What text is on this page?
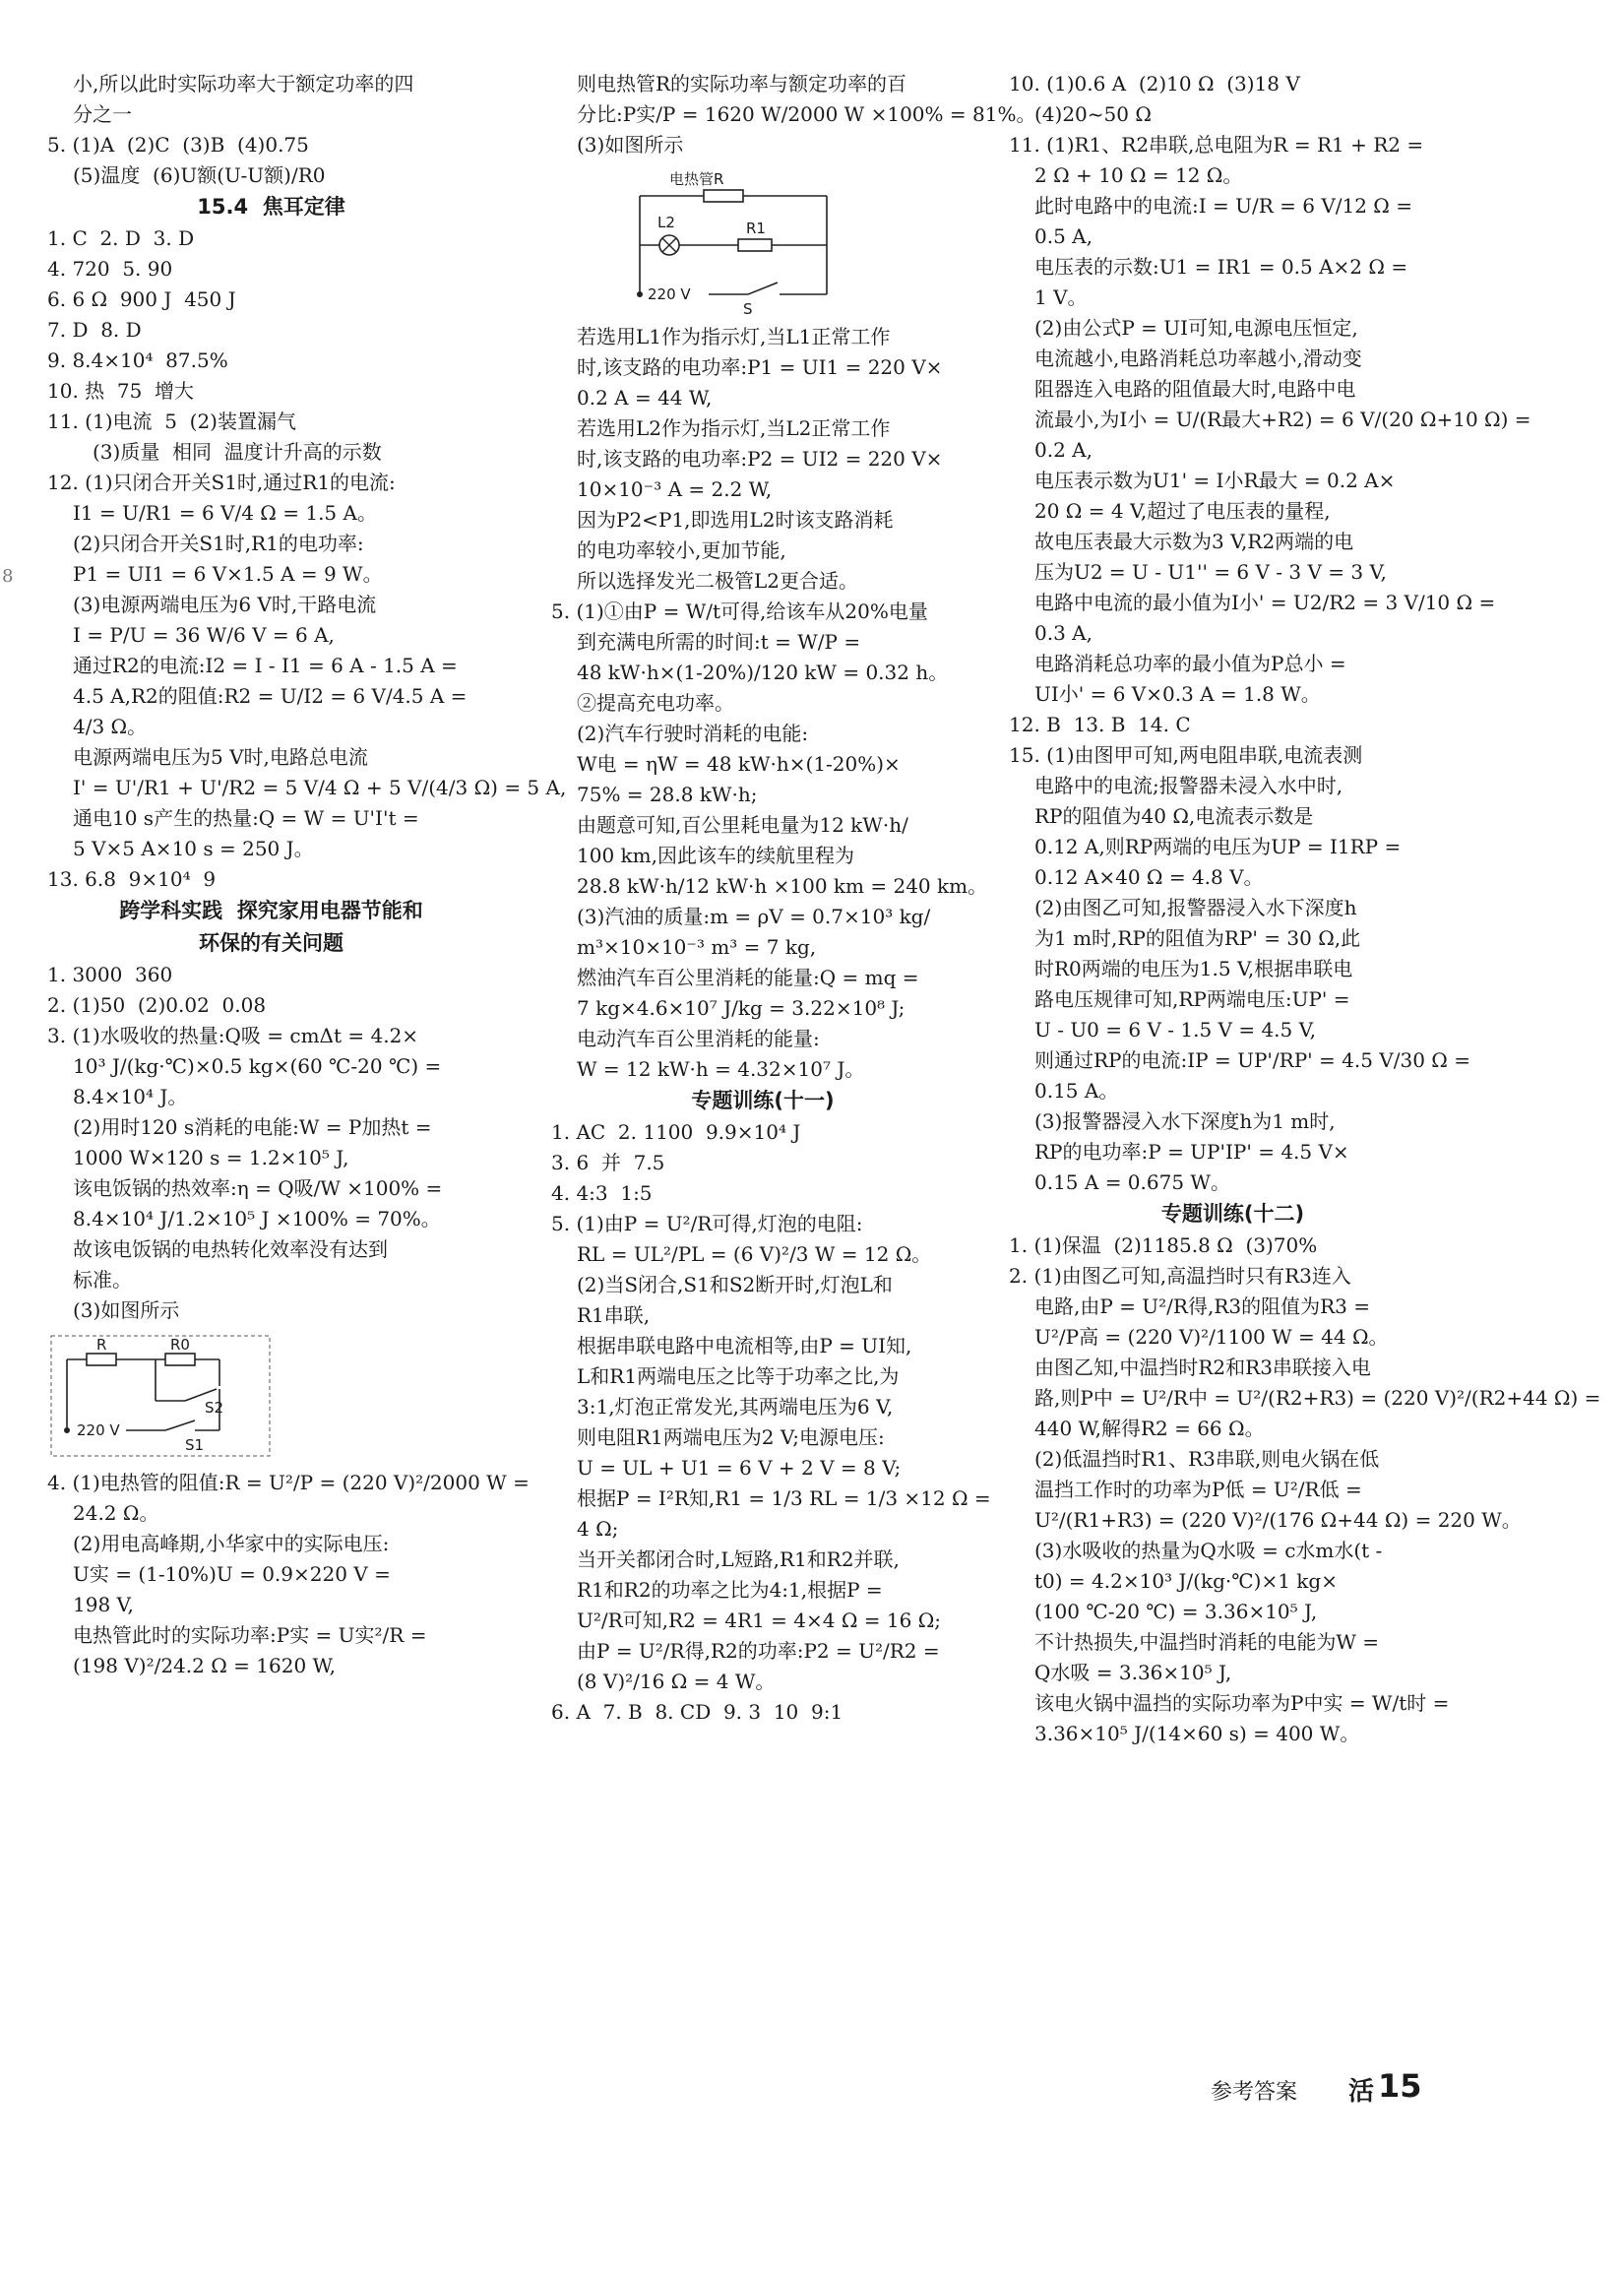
小,所以此时实际功率大于额定功率的四
分之一
5. (1)A  (2)C  (3)B  (4)0.75
(5)温度  (6)U额(U-U额)/R0
15.4  焦耳定律
1. C  2. D  3. D
4. 720  5. 90
6. 6 Ω  900 J  450 J
7. D  8. D
9. 8.4×10⁴  87.5%
10. 热  75  增大
11. (1)电流  5  (2)装置漏气
(3)质量  相同  温度计升高的示数
12. (1)只闭合开关S1时,通过R1的电流:
I1 = U/R1 = 6 V/4 Ω = 1.5 A。
(2)只闭合开关S1时,R1的电功率:
P1 = UI1 = 6 V×1.5 A = 9 W。
(3)电源两端电压为6 V时,干路电流
I = P/U = 36 W/6 V = 6 A,
通过R2的电流:I2 = I - I1 = 6 A - 1.5 A =
4.5 A,R2的阻值:R2 = U/I2 = 6 V/4.5 A =
4/3 Ω。
电源两端电压为5 V时,电路总电流
I' = U'/R1 + U'/R2 = 5 V/4 Ω + 5 V/(4/3 Ω) = 5 A,
通电10 s产生的热量:Q = W = U'I't =
5 V×5 A×10 s = 250 J。
13. 6.8  9×10⁴  9
跨学科实践  探究家用电器节能和
环保的有关问题
1. 3000  360
2. (1)50  (2)0.02  0.08
3. (1)水吸收的热量:Q吸 = cmΔt = 4.2×
10³ J/(kg·℃)×0.5 kg×(60 ℃-20 ℃) =
8.4×10⁴ J。
(2)用时120 s消耗的电能:W = P加热t =
1000 W×120 s = 1.2×10⁵ J,
该电饭锅的热效率:η = Q吸/W ×100% =
8.4×10⁴ J/1.2×10⁵ J ×100% = 70%。
故该电饭锅的电热转化效率没有达到
标准。
(3)如图所示
R	R0
S2
220 V
S1
4. (1)电热管的阻值:R = U²/P = (220 V)²/2000 W =
24.2 Ω。
(2)用电高峰期,小华家中的实际电压:
U实 = (1-10%)U = 0.9×220 V =
198 V,
电热管此时的实际功率:P实 = U实²/R =
(198 V)²/24.2 Ω = 1620 W,
则电热管R的实际功率与额定功率的百
分比:P实/P = 1620 W/2000 W ×100% = 81%。
(3)如图所示
电热管R
L2	R1
220 V
S
若选用L1作为指示灯,当L1正常工作
时,该支路的电功率:P1 = UI1 = 220 V×
0.2 A = 44 W,
若选用L2作为指示灯,当L2正常工作
时,该支路的电功率:P2 = UI2 = 220 V×
10×10⁻³ A = 2.2 W,
因为P2<P1,即选用L2时该支路消耗
的电功率较小,更加节能,
所以选择发光二极管L2更合适。
5. (1)①由P = W/t可得,给该车从20%电量
到充满电所需的时间:t = W/P =
48 kW·h×(1-20%)/120 kW = 0.32 h。
②提高充电功率。
(2)汽车行驶时消耗的电能:
W电 = ηW = 48 kW·h×(1-20%)×
75% = 28.8 kW·h;
由题意可知,百公里耗电量为12 kW·h/
100 km,因此该车的续航里程为
28.8 kW·h/12 kW·h ×100 km = 240 km。
(3)汽油的质量:m = ρV = 0.7×10³ kg/
m³×10×10⁻³ m³ = 7 kg,
燃油汽车百公里消耗的能量:Q = mq =
7 kg×4.6×10⁷ J/kg = 3.22×10⁸ J;
电动汽车百公里消耗的能量:
W = 12 kW·h = 4.32×10⁷ J。
专题训练(十一)
1. AC  2. 1100  9.9×10⁴ J
3. 6  并  7.5
4. 4:3  1:5
5. (1)由P = U²/R可得,灯泡的电阻:
RL = UL²/PL = (6 V)²/3 W = 12 Ω。
(2)当S闭合,S1和S2断开时,灯泡L和
R1串联,
根据串联电路中电流相等,由P = UI知,
L和R1两端电压之比等于功率之比,为
3:1,灯泡正常发光,其两端电压为6 V,
则电阻R1两端电压为2 V;电源电压:
U = UL + U1 = 6 V + 2 V = 8 V;
根据P = I²R知,R1 = 1/3 RL = 1/3 ×12 Ω =
4 Ω;
当开关都闭合时,L短路,R1和R2并联,
R1和R2的功率之比为4:1,根据P =
U²/R可知,R2 = 4R1 = 4×4 Ω = 16 Ω;
由P = U²/R得,R2的功率:P2 = U²/R2 =
(8 V)²/16 Ω = 4 W。
6. A  7. B  8. CD  9. 3  10  9:1
10. (1)0.6 A  (2)10 Ω  (3)18 V
(4)20~50 Ω
11. (1)R1、R2串联,总电阻为R = R1 + R2 =
2 Ω + 10 Ω = 12 Ω。
此时电路中的电流:I = U/R = 6 V/12 Ω =
0.5 A,
电压表的示数:U1 = IR1 = 0.5 A×2 Ω =
1 V。
(2)由公式P = UI可知,电源电压恒定,
电流越小,电路消耗总功率越小,滑动变
阻器连入电路的阻值最大时,电路中电
流最小,为I小 = U/(R最大+R2) = 6 V/(20 Ω+10 Ω) =
0.2 A,
电压表示数为U1' = I小R最大 = 0.2 A×
20 Ω = 4 V,超过了电压表的量程,
故电压表最大示数为3 V,R2两端的电
压为U2 = U - U1'' = 6 V - 3 V = 3 V,
电路中电流的最小值为I小' = U2/R2 = 3 V/10 Ω =
0.3 A,
电路消耗总功率的最小值为P总小 =
UI小' = 6 V×0.3 A = 1.8 W。
12. B  13. B  14. C
15. (1)由图甲可知,两电阻串联,电流表测
电路中的电流;报警器未浸入水中时,
RP的阻值为40 Ω,电流表示数是
0.12 A,则RP两端的电压为UP = I1RP =
0.12 A×40 Ω = 4.8 V。
(2)由图乙可知,报警器浸入水下深度h
为1 m时,RP的阻值为RP' = 30 Ω,此
时R0两端的电压为1.5 V,根据串联电
路电压规律可知,RP两端电压:UP' =
U - U0 = 6 V - 1.5 V = 4.5 V,
则通过RP的电流:IP = UP'/RP' = 4.5 V/30 Ω =
0.15 A。
(3)报警器浸入水下深度h为1 m时,
RP的电功率:P = UP'IP' = 4.5 V×
0.15 A = 0.675 W。
专题训练(十二)
1. (1)保温  (2)1185.8 Ω  (3)70%
2. (1)由图乙可知,高温挡时只有R3连入
电路,由P = U²/R得,R3的阻值为R3 =
U²/P高 = (220 V)²/1100 W = 44 Ω。
由图乙知,中温挡时R2和R3串联接入电
路,则P中 = U²/R中 = U²/(R2+R3) = (220 V)²/(R2+44 Ω) =
440 W,解得R2 = 66 Ω。
(2)低温挡时R1、R3串联,则电火锅在低
温挡工作时的功率为P低 = U²/R低 =
U²/(R1+R3) = (220 V)²/(176 Ω+44 Ω) = 220 W。
(3)水吸收的热量为Q水吸 = c水m水(t -
t0) = 4.2×10³ J/(kg·℃)×1 kg×
(100 ℃-20 ℃) = 3.36×10⁵ J,
不计热损失,中温挡时消耗的电能为W =
Q水吸 = 3.36×10⁵ J,
该电火锅中温挡的实际功率为P中实 = W/t时 =
3.36×10⁵ J/(14×60 s) = 400 W。
8
参考答案 活 15
